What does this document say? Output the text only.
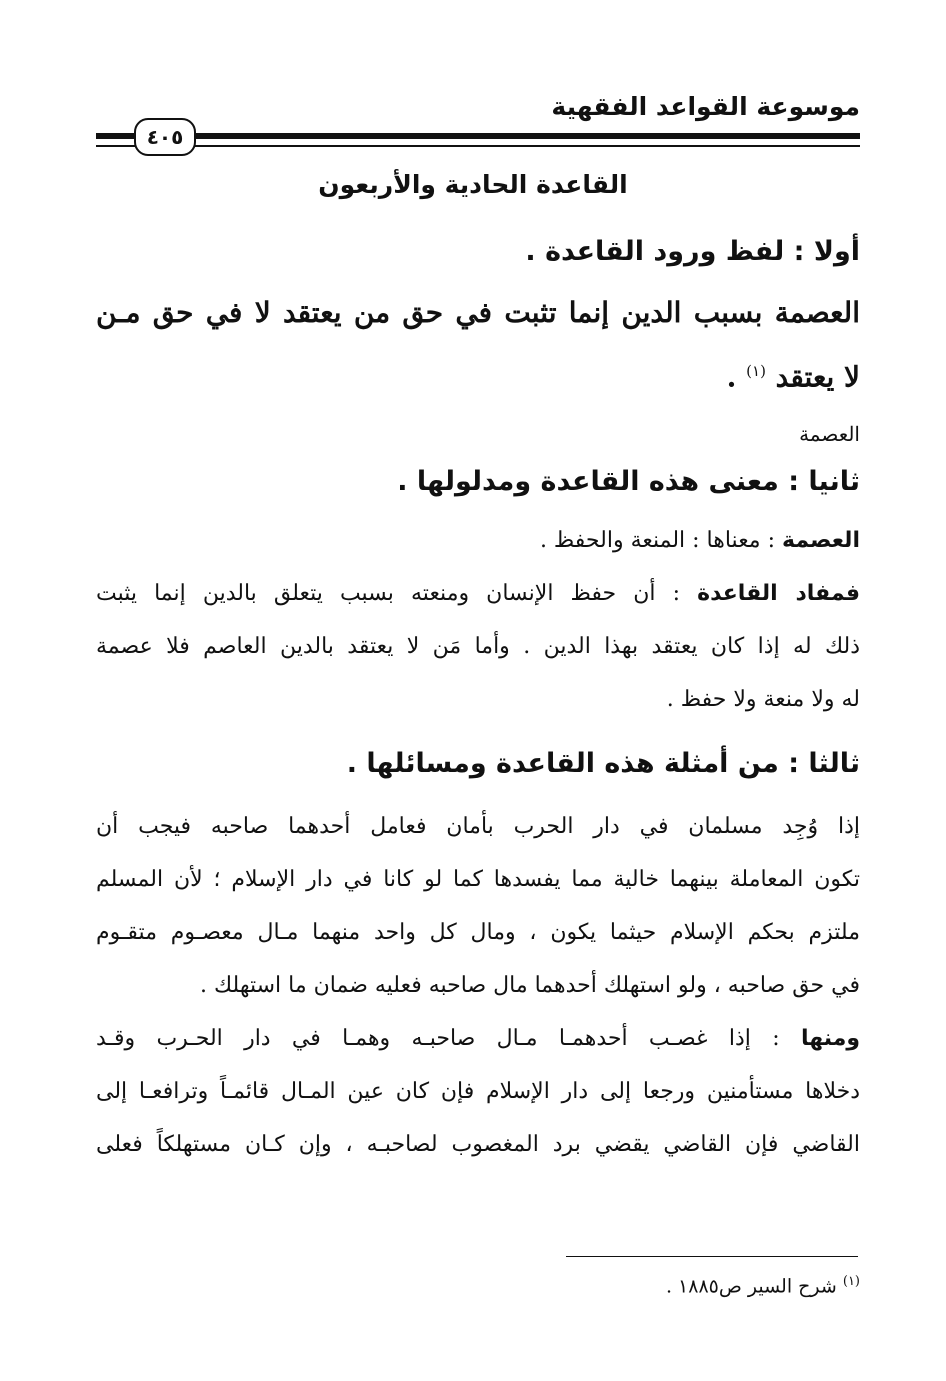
موسوعة القواعد الفقهية
٤٠٥
القاعدة الحادية والأربعون
أولا : لفظ ورود القاعدة .
العصمة بسبب الدين إنما تثبت في حق من يعتقد لا في حق مـن
لا يعتقد $^{(١)}$ .
العصمة
ثانيا : معنى هذه القاعدة ومدلولها .
العصمة : معناها : المنعة والحفظ .
فمفاد القاعدة : أن حفظ الإنسان ومنعته بسبب يتعلق بالدين إنما يثبت
ذلك له إذا كان يعتقد بهذا الدين . وأما مَن لا يعتقد بالدين العاصم فلا عصمة
له ولا منعة ولا حفظ .
ثالثا : من أمثلة هذه القاعدة ومسائلها .
إذا وُجِد مسلمان في دار الحرب بأمان فعامل أحدهما صاحبه فيجب أن
تكون المعاملة بينهما خالية مما يفسدها كما لو كانا في دار الإسلام ؛ لأن المسلم
ملتزم بحكم الإسلام حيثما يكون ، ومال كل واحد منهما مـال معصـوم متقـوم
في حق صاحبه ، ولو استهلك أحدهما مال صاحبه فعليه ضمان ما استهلك .
ومنها : إذا غصـب أحدهمـا مـال صاحبـه وهمـا في دار الحـرب وقـد
دخلاها مستأمنين ورجعا إلى دار الإسلام فإن كان عين المـال قائمـاً وترافعـا إلى
القاضي فإن القاضي يقضي برد المغصوب لصاحبـه ، وإن كـان مستهلكاً فعلى
$^{(١)}$ شرح السير ص١٨٨٥ .
